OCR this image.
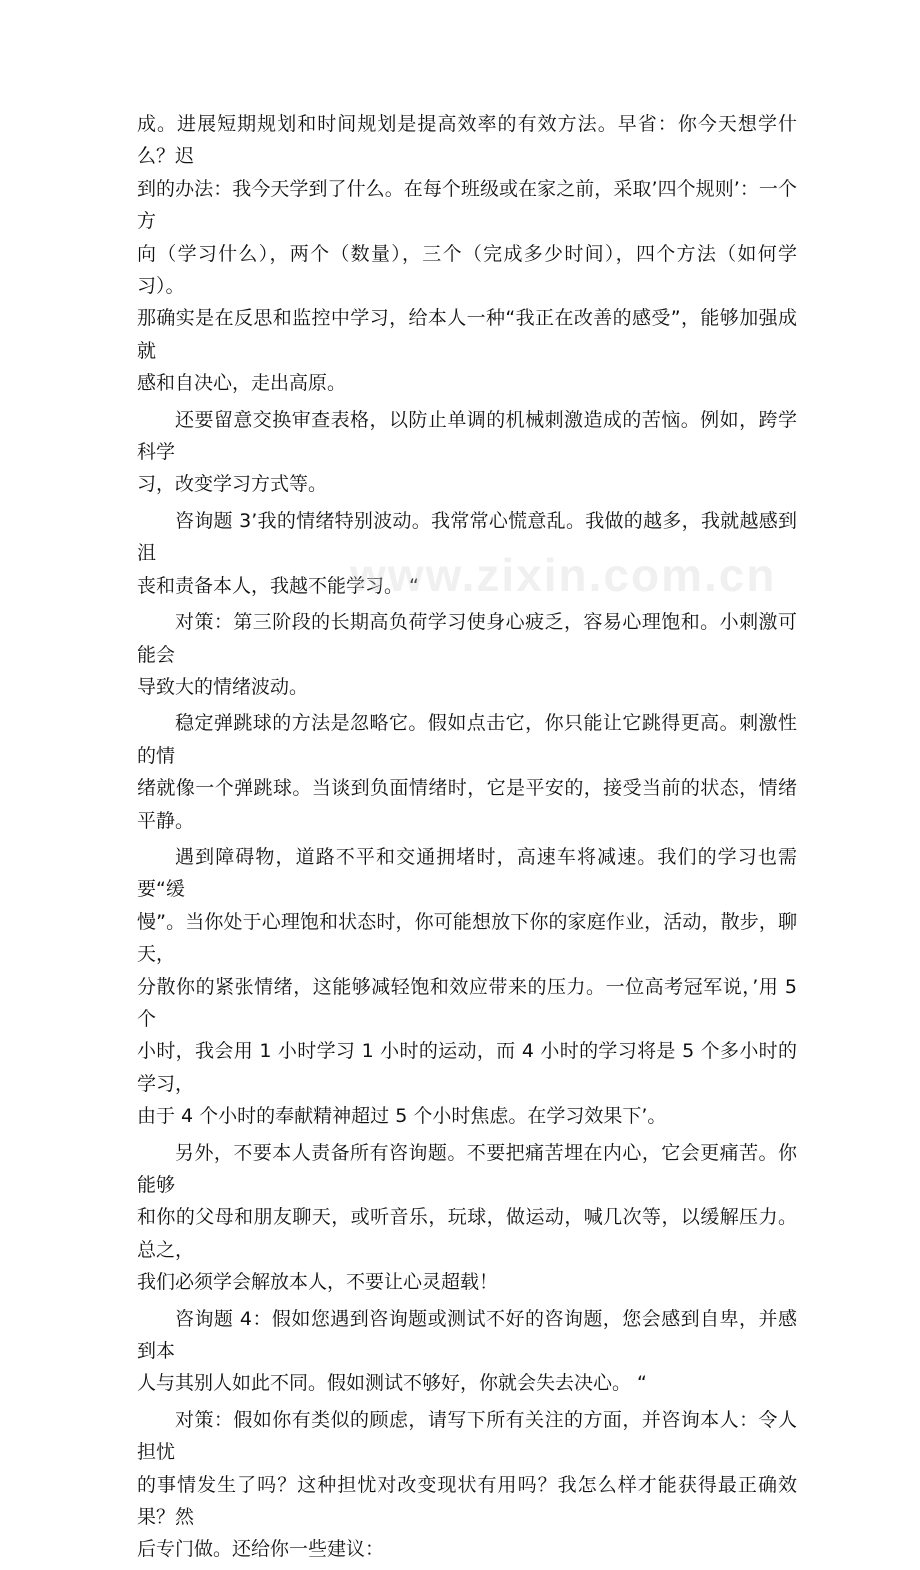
成。进展短期规划和时间规划是提高效率的有效方法。早省：你今天想学什么？迟
到的办法：我今天学到了什么。在每个班级或在家之前，采取’四个规则’：一个方
向（学习什么），两个（数量），三个（完成多少时间），四个方法（如何学习）。
那确实是在反思和监控中学习，给本人一种“我正在改善的感受”，能够加强成就
感和自决心，走出高原。

还要留意交换审查表格，以防止单调的机械刺激造成的苦恼。例如，跨学科学
习，改变学习方式等。

咨询题 3’我的情绪特别波动。我常常心慌意乱。我做的越多，我就越感到沮
丧和责备本人，我越不能学习。 “

对策：第三阶段的长期高负荷学习使身心疲乏，容易心理饱和。小刺激可能会
导致大的情绪波动。

稳定弹跳球的方法是忽略它。假如点击它，你只能让它跳得更高。刺激性的情
绪就像一个弹跳球。当谈到负面情绪时，它是平安的，接受当前的状态，情绪平静。

遇到障碍物，道路不平和交通拥堵时，高速车将减速。我们的学习也需要“缓
慢”。当你处于心理饱和状态时，你可能想放下你的家庭作业，活动，散步，聊天，
分散你的紧张情绪，这能够减轻饱和效应带来的压力。一位高考冠军说，’用 5 个
小时，我会用 1 小时学习 1 小时的运动，而 4 小时的学习将是 5 个多小时的学习，
由于 4 个小时的奉献精神超过 5 个小时焦虑。在学习效果下’。

另外，不要本人责备所有咨询题。不要把痛苦埋在内心，它会更痛苦。你能够
和你的父母和朋友聊天，或听音乐，玩球，做运动，喊几次等，以缓解压力。总之，
我们必须学会解放本人，不要让心灵超载！

咨询题 4：假如您遇到咨询题或测试不好的咨询题，您会感到自卑，并感到本
人与其别人如此不同。假如测试不够好，你就会失去决心。 “

对策：假如你有类似的顾虑，请写下所有关注的方面，并咨询本人：令人担忧
的事情发生了吗？这种担忧对改变现状有用吗？我怎么样才能获得最正确效果？然
后专门做。还给你一些建议：

www.zixin.com.cn
